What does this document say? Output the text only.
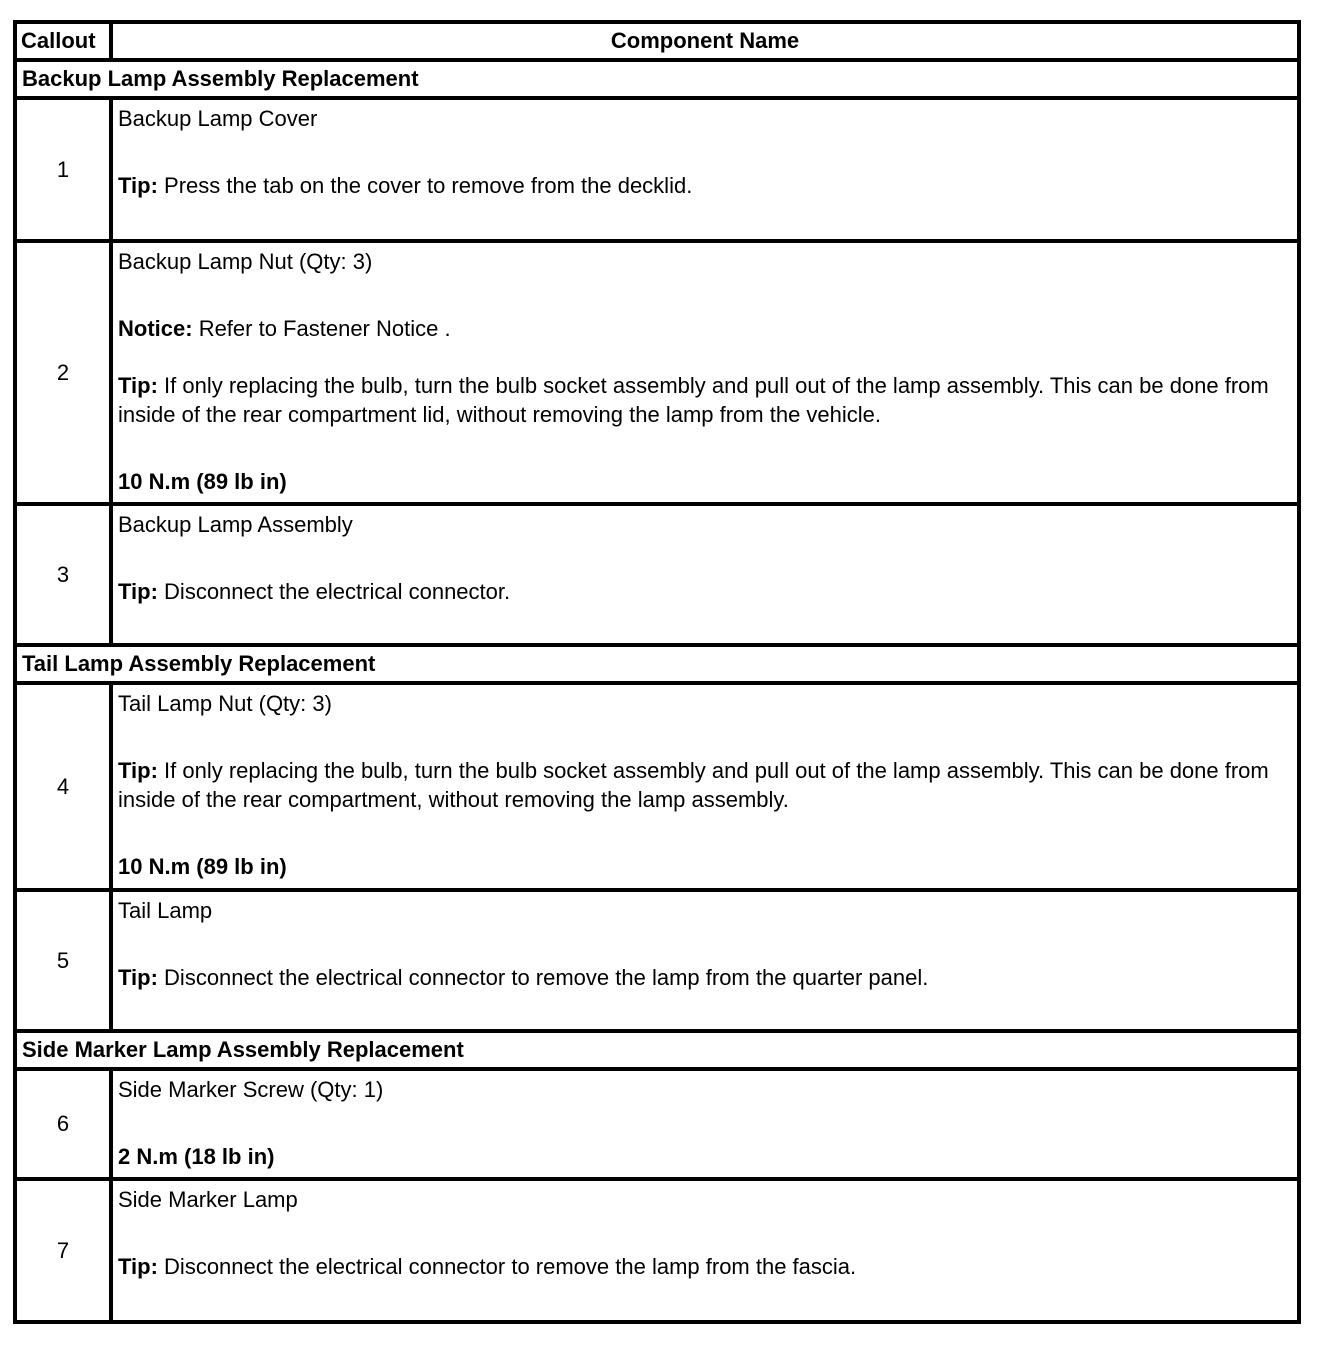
Callout	Component Name
Backup Lamp Assembly Replacement	
1	Backup Lamp Cover

Tip: Press the tab on the cover to remove from the decklid.

2	Backup Lamp Nut (Qty: 3)

Notice: Refer to Fastener Notice .

Tip: If only replacing the bulb, turn the bulb socket assembly and pull out of the lamp assembly. This can be done from inside of the rear compartment lid, without removing the lamp from the vehicle.

10 N.m (89 lb in)

3	Backup Lamp Assembly

Tip: Disconnect the electrical connector.

Tail Lamp Assembly Replacement	
4	Tail Lamp Nut (Qty: 3)

Tip: If only replacing the bulb, turn the bulb socket assembly and pull out of the lamp assembly. This can be done from inside of the rear compartment, without removing the lamp assembly.

10 N.m (89 lb in)

5	Tail Lamp

Tip: Disconnect the electrical connector to remove the lamp from the quarter panel.

Side Marker Lamp Assembly Replacement	
6	Side Marker Screw (Qty: 1)

2 N.m (18 lb in)

7	Side Marker Lamp

Tip: Disconnect the electrical connector to remove the lamp from the fascia.
